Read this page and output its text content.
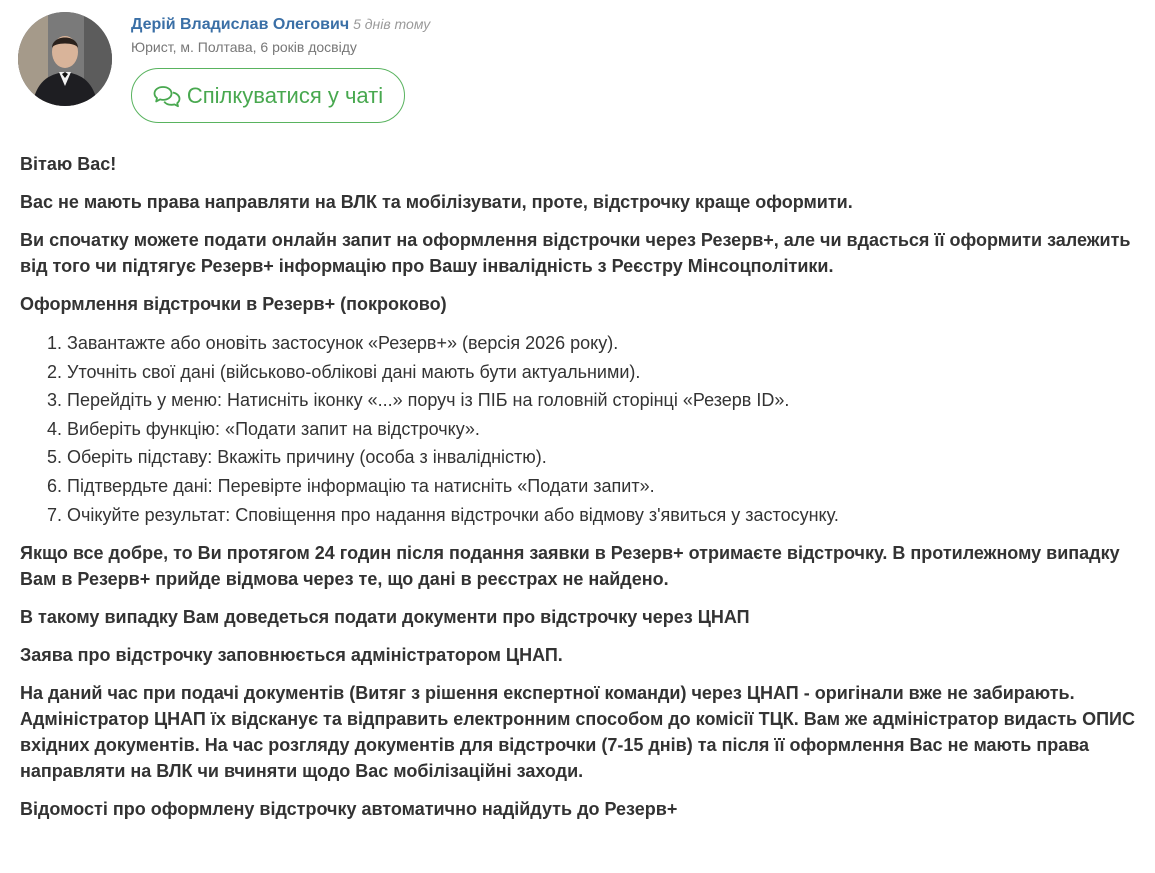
Дерій Владислав Олегович 5 днів тому
Юрист, м. Полтава, 6 років досвіду
Спілкуватися у чаті

Вітаю Вас!

Вас не мають права направляти на ВЛК та мобілізувати, проте, відстрочку краще оформити.

Ви спочатку можете подати онлайн запит на оформлення відстрочки через Резерв+, але чи вдасться її оформити залежить від того чи підтягує Резерв+ інформацію про Вашу інвалідність з Реєстру Мінсоцполітики.

Оформлення відстрочки в Резерв+ (покроково)

1. Завантажте або оновіть застосунок «Резерв+» (версія 2026 року).
2. Уточніть свої дані (військово-облікові дані мають бути актуальними).
3. Перейдіть у меню: Натисніть іконку «...» поруч із ПІБ на головній сторінці «Резерв ID».
4. Виберіть функцію: «Подати запит на відстрочку».
5. Оберіть підставу: Вкажіть причину (особа з інвалідністю).
6. Підтвердьте дані: Перевірте інформацію та натисніть «Подати запит».
7. Очікуйте результат: Сповіщення про надання відстрочки або відмову з'явиться у застосунку.

Якщо все добре, то Ви протягом 24 годин після подання заявки в Резерв+ отримаєте відстрочку. В протилежному випадку Вам в Резерв+ прийде відмова через те, що дані в реєстрах не найдено.

В такому випадку Вам доведеться подати документи про відстрочку через ЦНАП

Заява про відстрочку заповнюється адміністратором ЦНАП.

На даний час при подачі документів (Витяг з рішення експертної команди) через ЦНАП - оригінали вже не забирають. Адміністратор ЦНАП їх відсканує та відправить електронним способом до комісії ТЦК. Вам же адміністратор видасть ОПИС вхідних документів. На час розгляду документів для відстрочки (7-15 днів) та після її оформлення Вас не мають права направляти на ВЛК чи вчиняти щодо Вас мобілізаційні заходи.

Відомості про оформлену відстрочку автоматично надійдуть до Резерв+
